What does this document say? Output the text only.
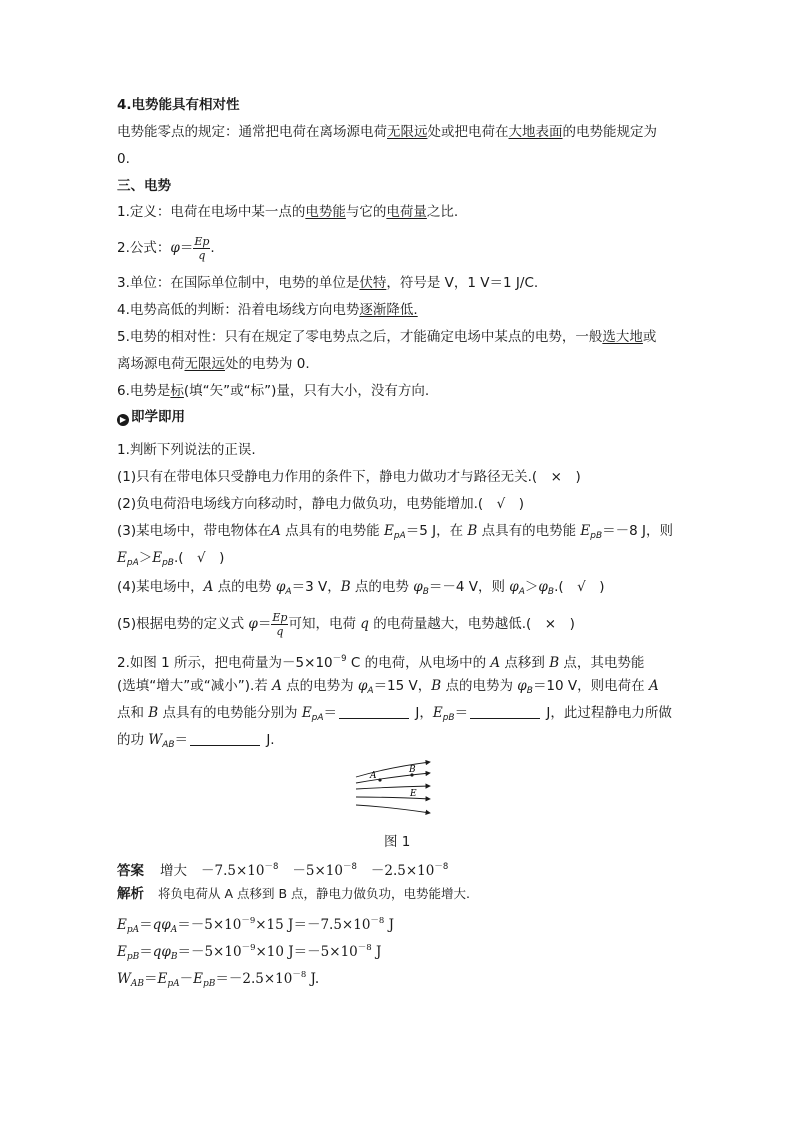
4.电势能具有相对性
电势能零点的规定：通常把电荷在离场源电荷无限远处或把电荷在大地表面的电势能规定为
0.
三、电势
1.定义：电荷在电场中某一点的电势能与它的电荷量之比.
2.公式：$\varphi= \frac{Ep}{q}$ .
3.单位：在国际单位制中，电势的单位是伏特，符号是 V，1 V＝1 J/C.
4.电势高低的判断：沿着电场线方向电势逐渐降低.
5.电势的相对性：只有在规定了零电势点之后，才能确定电场中某点的电势，一般选大地或
离场源电荷无限远处的电势为 0.
6.电势是标(填“矢”或“标”)量，只有大小，没有方向.
▶ 即学即用
1.判断下列说法的正误.
(1)只有在带电体只受静电力作用的条件下，静电力做功才与路径无关.(　×　)
(2)负电荷沿电场线方向移动时，静电力做负功，电势能增加.(　√　)
(3)某电场中，带电物体在A 点具有的电势能 $E_{pA}=5$ J，在 B 点具有的电势能 $E_{pB}=-8$ J，则
$E_{pA}>E_{pB}$.(　√　)
(4)某电场中，A 点的电势 $\varphi_A=3$ V，B 点的电势 $\varphi_B=-4$ V，则 $\varphi_A>\varphi_B$.(　√　)
(5)根据电势的定义式 $\varphi= \frac{Ep}{q}$ 可知，电荷 q 的电荷量越大，电势越低.(　×　)
2.如图 1 所示，把电荷量为$-5\times 10^{-9}$ C 的电荷，从电场中的 A 点移到 B 点，其电势能
(选填“增大”或“减小”).若 A 点的电势为 $\varphi_A=15$ V，B 点的电势为 $\varphi_B=10$ V，则电荷在 A
点和 B 点具有的电势能分别为 $E_{pA}=$	J，$E_{pB}=$	J，此过程静电力所做
的功 $W_{AB}=$	J.
A
B
E
图 1
答案 增大 $-7.5\times 10^{-8} -5\times 10^{-8} -2.5\times 10^{-8}$
解析 将负电荷从 A 点移到 B 点，静电力做负功，电势能增大.
$E_{pA}=q\varphi_A=-5\times 10^{-9}\times 15$ $J=-7.5\times 10^{-8}$ J
$E_{pB}=q\varphi_B=-5\times 10^{-9}\times 10$ $J=-5\times 10^{-8}$ J
$W_{AB}=E_{pA}-E_{pB}=-2.5\times 10^{-8}$ J.
